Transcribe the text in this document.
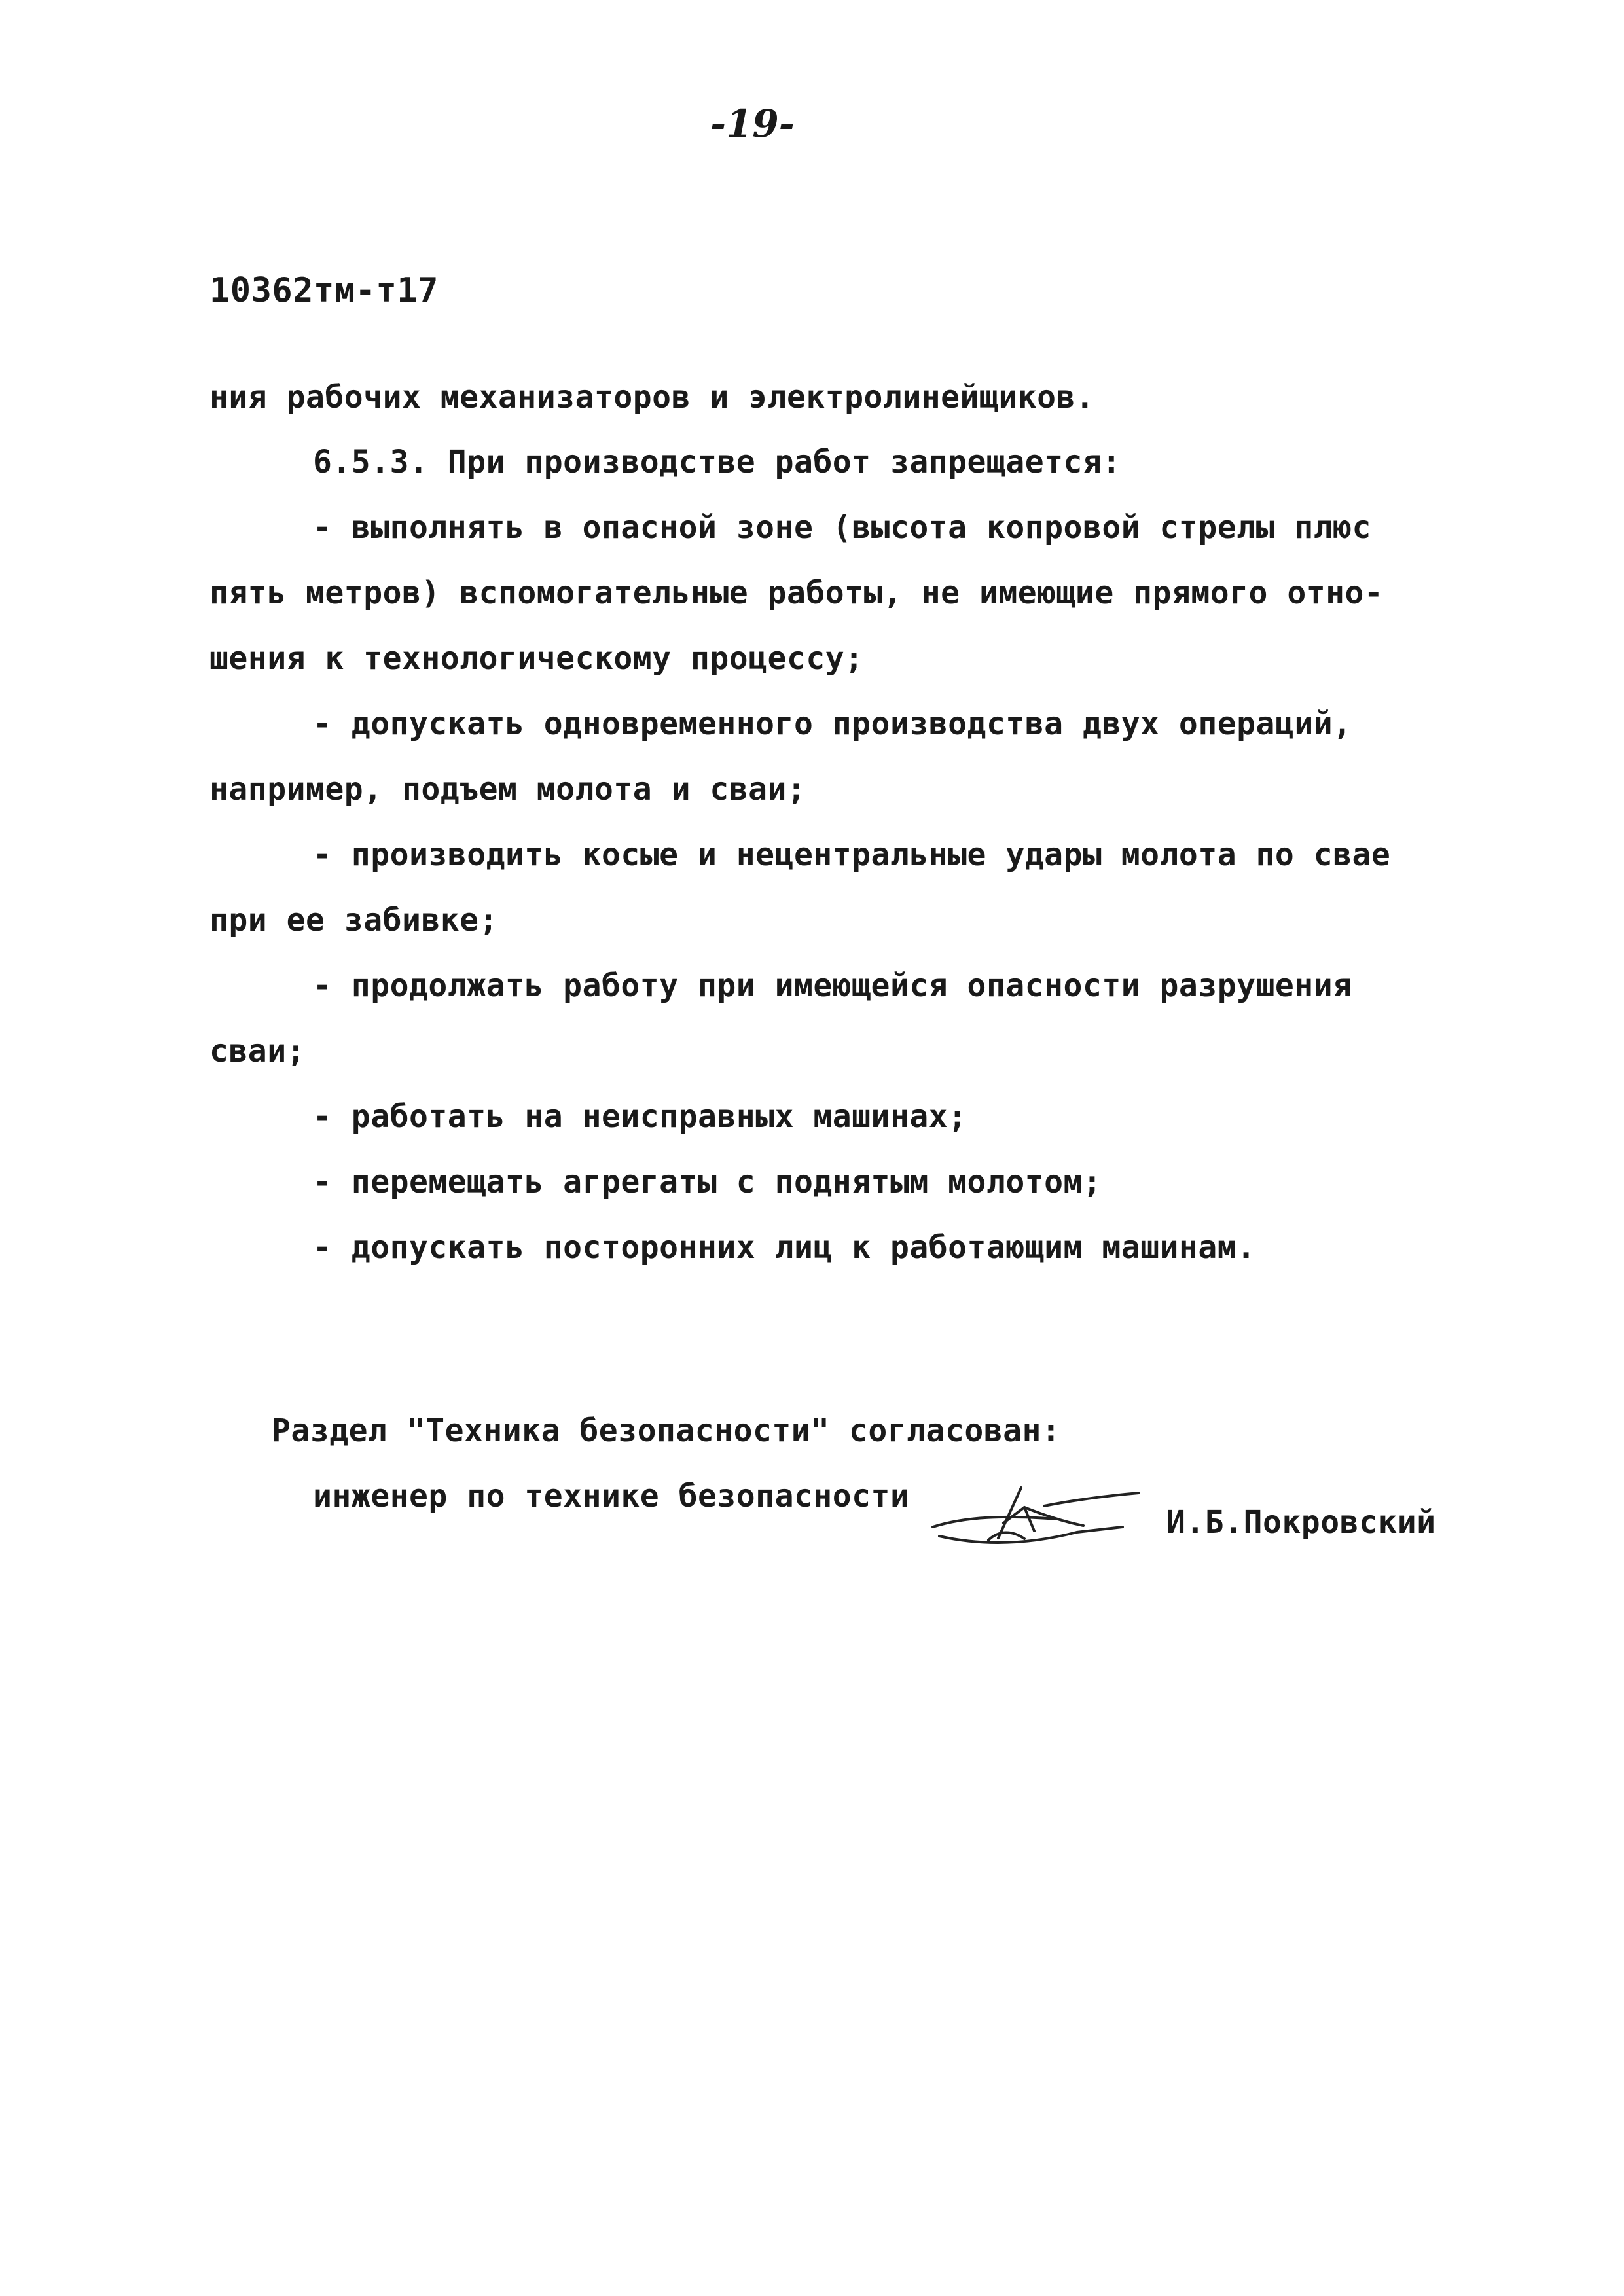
-19-
10362тм-т17
ния рабочих механизаторов и электролинейщиков.
6.5.3. При производстве работ запрещается:
- выполнять в опасной зоне (высота копровой стрелы плюс
пять метров) вспомогательные работы, не имеющие прямого отно-
шения к технологическому процессу;
- допускать одновременного производства двух операций,
например, подъем молота и сваи;
- производить косые и нецентральные удары молота по свае
при ее забивке;
- продолжать работу при имеющейся опасности разрушения
сваи;
- работать на неисправных машинах;
- перемещать агрегаты с поднятым молотом;
- допускать посторонних лиц к работающим машинам.
Раздел "Техника безопасности" согласован:
инженер по технике безопасности
И.Б.Покровский
